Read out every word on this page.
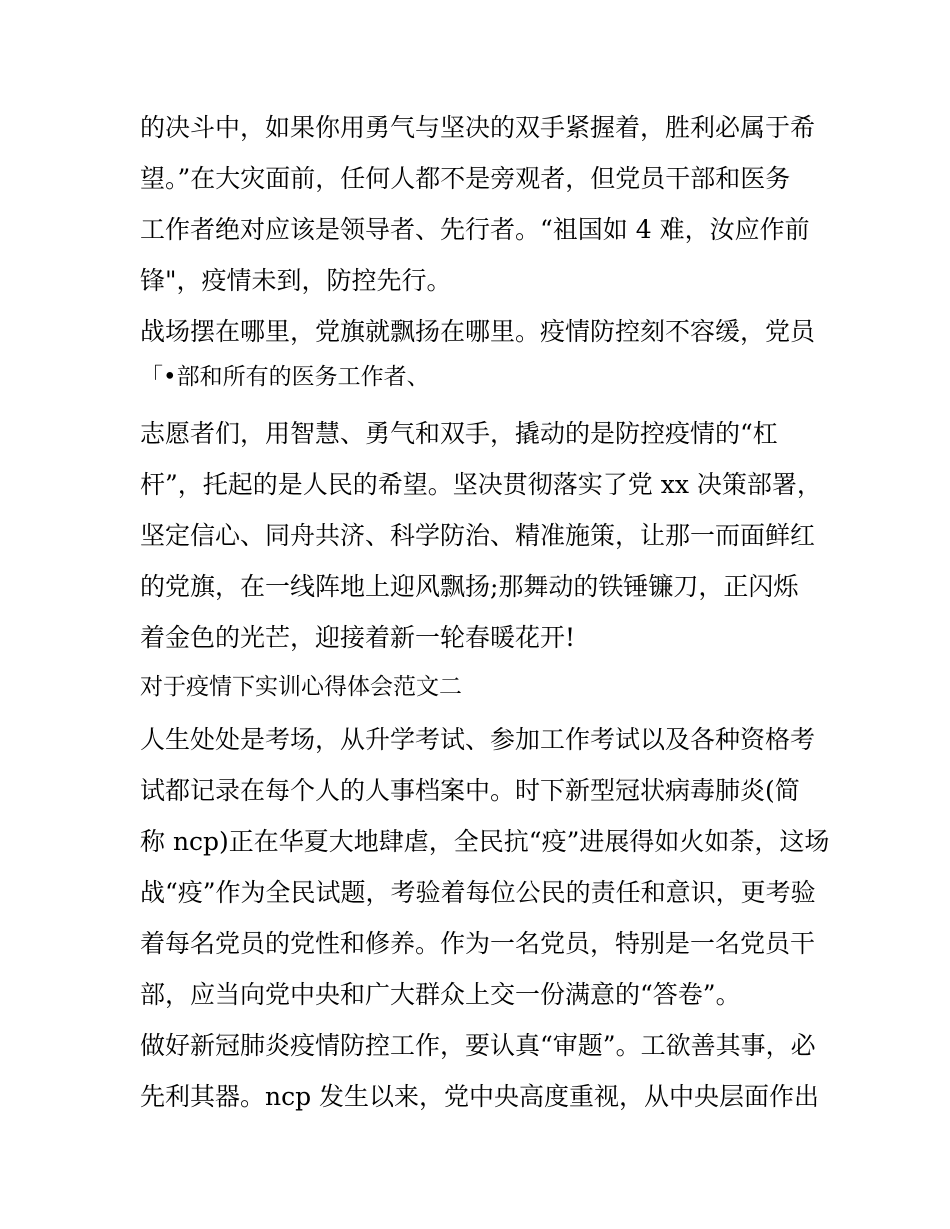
的决斗中，如果你用勇气与坚决的双手紧握着，胜利必属于希
望。”在大灾面前，任何人都不是旁观者，但党员干部和医务
工作者绝对应该是领导者、先行者。“祖国如 4 难，汝应作前
锋"，疫情未到，防控先行。
战场摆在哪里，党旗就飘扬在哪里。疫情防控刻不容缓，党员
「•部和所有的医务工作者、
志愿者们，用智慧、勇气和双手，撬动的是防控疫情的“杠
杆”，托起的是人民的希望。坚决贯彻落实了党 xx 决策部署，
坚定信心、同舟共济、科学防治、精准施策，让那一而面鲜红
的党旗，在一线阵地上迎风飘扬;那舞动的铁锤镰刀，正闪烁
着金色的光芒，迎接着新一轮春暖花开!
对于疫情下实训心得体会范文二
人生处处是考场，从升学考试、参加工作考试以及各种资格考
试都记录在每个人的人事档案中。时下新型冠状病毒肺炎(简
称 ncp)正在华夏大地肆虐，全民抗“疫”进展得如火如荼，这场
战“疫”作为全民试题，考验着每位公民的责任和意识，更考验
着每名党员的党性和修养。作为一名党员，特别是一名党员干
部，应当向党中央和广大群众上交一份满意的“答卷”。
做好新冠肺炎疫情防控工作，要认真“审题”。工欲善其事，必
先利其器。ncp 发生以来，党中央高度重视，从中央层面作出
